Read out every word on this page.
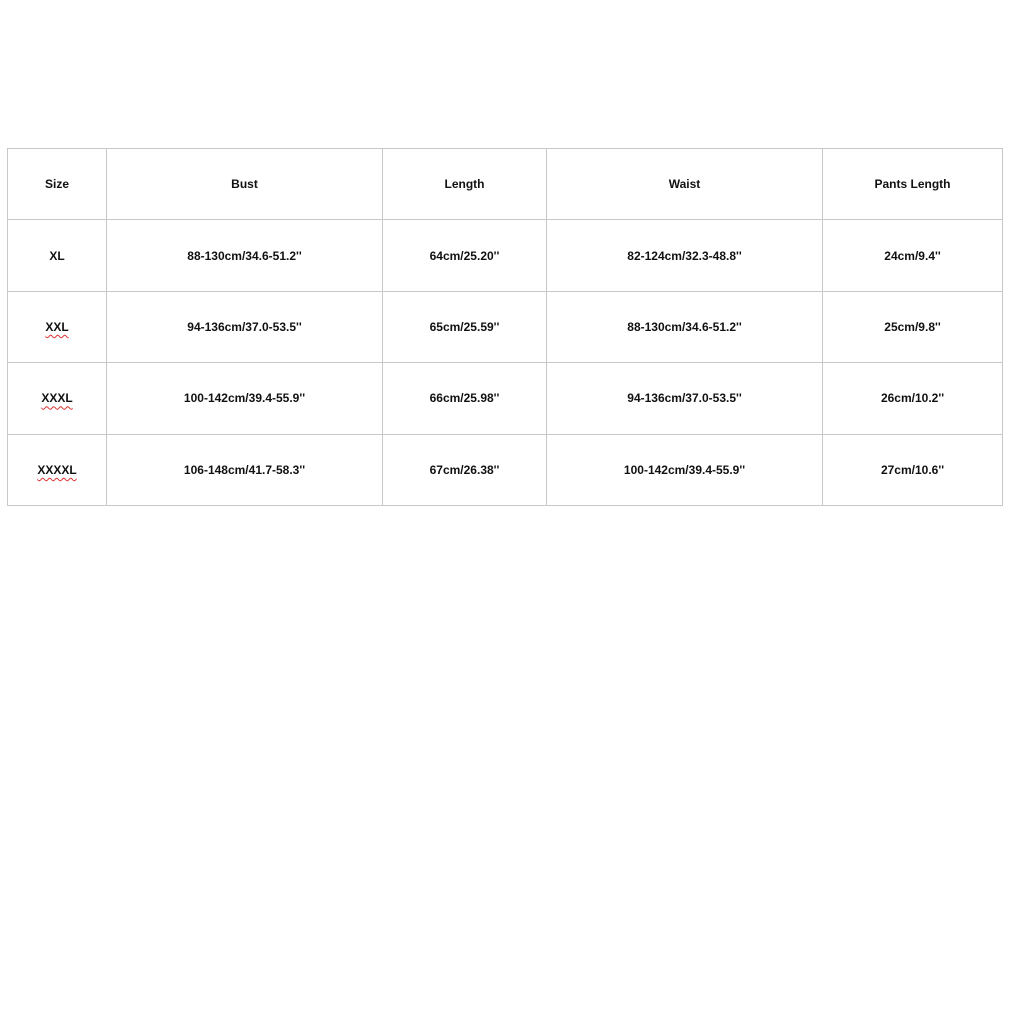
Size	Bust	Length	Waist	Pants Length
XL	88-130cm/34.6-51.2''	64cm/25.20''	82-124cm/32.3-48.8''	24cm/9.4''
XXL	94-136cm/37.0-53.5''	65cm/25.59''	88-130cm/34.6-51.2''	25cm/9.8''
XXXL	100-142cm/39.4-55.9''	66cm/25.98''	94-136cm/37.0-53.5''	26cm/10.2''
XXXXL	106-148cm/41.7-58.3''	67cm/26.38''	100-142cm/39.4-55.9''	27cm/10.6''
